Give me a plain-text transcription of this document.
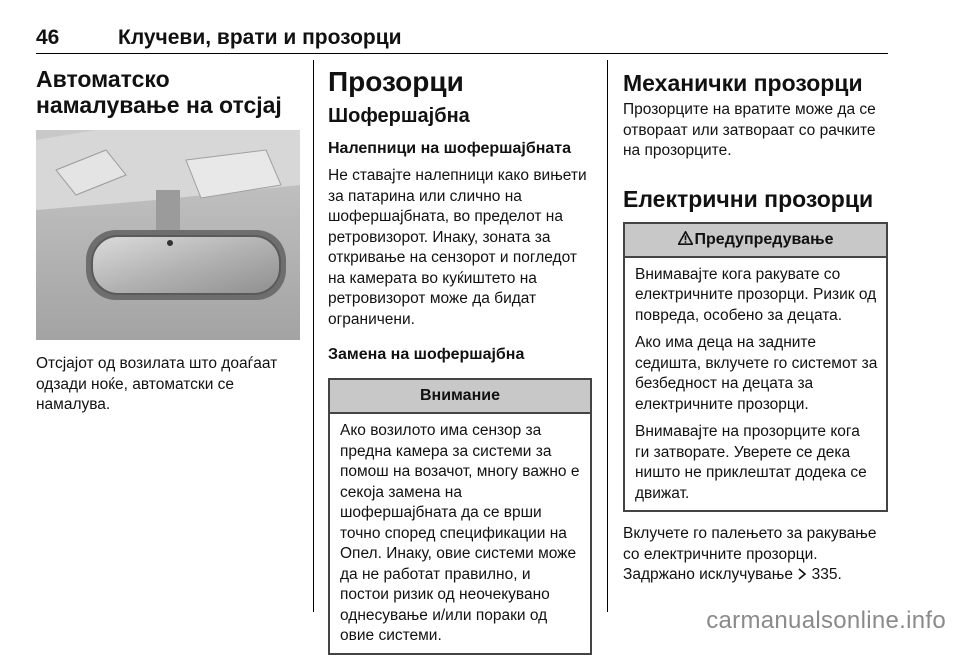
46	Клучеви, врати и прозорци
Автоматско намалување на отсјај

Отсјајот од возилата што доаѓаат одзади ноќе, автоматски се намалува.

Прозорци
Шофершајбна
Налепници на шофершајбната

Не ставајте налепници како вињети за патарина или слично на шофершајбната, во пределот на ретровизорот. Инаку, зоната за откривање на сензорот и погледот на камерата во куќиштето на ретровизорот може да бидат ограничени.

Замена на шофершајбна
Внимание

Ако возилото има сензор за предна камера за системи за помош на возачот, многу важно е секоја замена на шофершајбната да се врши точно според спецификации на Опел. Инаку, овие системи може да не работат правилно, и постои ризик од неочекувано однесување и/или пораки од овие системи.

Механички прозорци

Прозорците на вратите може да се отвораат или затвораат со рачките на прозорците.

Електрични прозорци
Предупредување

Внимавајте кога ракувате со електричните прозорци. Ризик од повреда, особено за децата.

Ако има деца на задните седишта, вклучете го системот за безбедност на децата за електричните прозорци.

Внимавајте на прозорците кога ги затворате. Уверете се дека ништо не приклештат додека се движат.

Вклучете го палењето за ракување со електричните прозорци.
Задржано исклучување 335.

carmanualsonline.info
